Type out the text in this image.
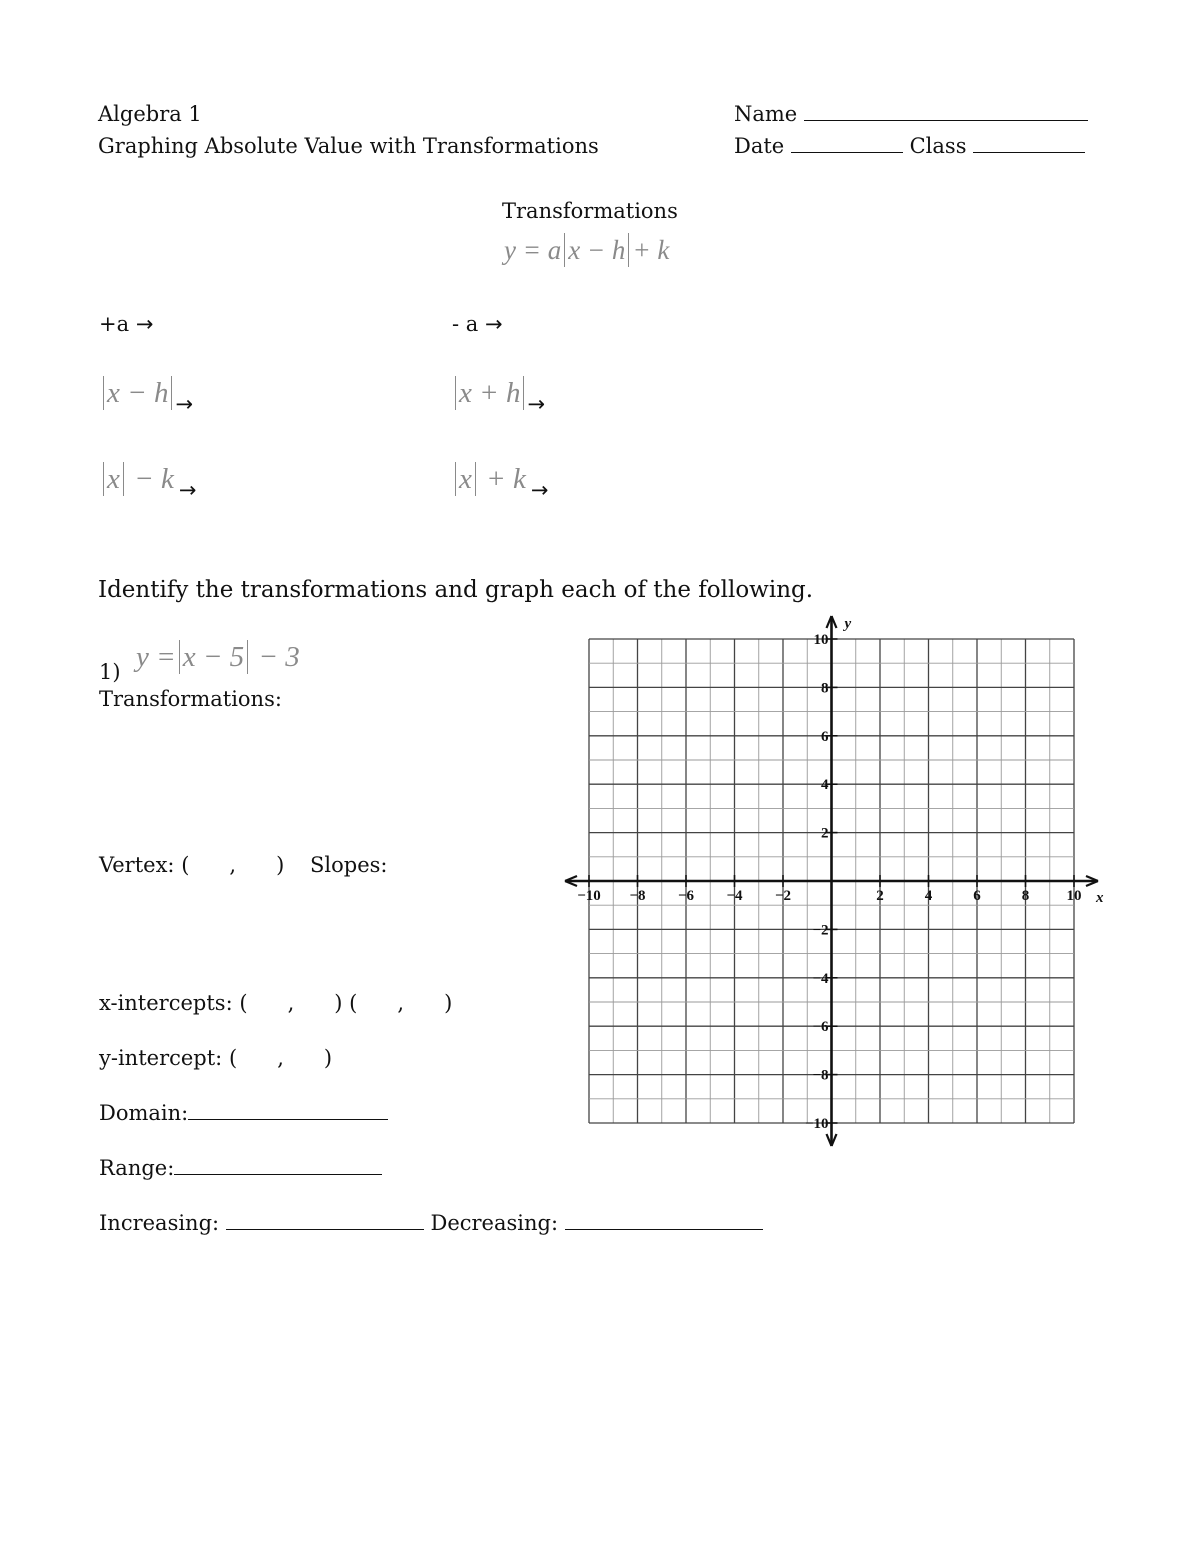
Algebra 1
Graphing Absolute Value with Transformations
Name
Date	Class
Transformations
y = a x − h + k
+a →	- a →
x − h →	x + h →
x − k →	x + k →
Identify the transformations and graph each of the following.
1) y = x − 5 − 3
Transformations:
Vertex: (      ,      ) Slopes:
x-intercepts: (      ,      ) (      ,      )
y-intercept: (      ,      )
Domain:
Range:
Increasing:	Decreasing:
−10 −8 −6 −4 −2	2	4	6	8 10
10
8
6
4
2
−2
−4
−6
−8
−10
x
y
